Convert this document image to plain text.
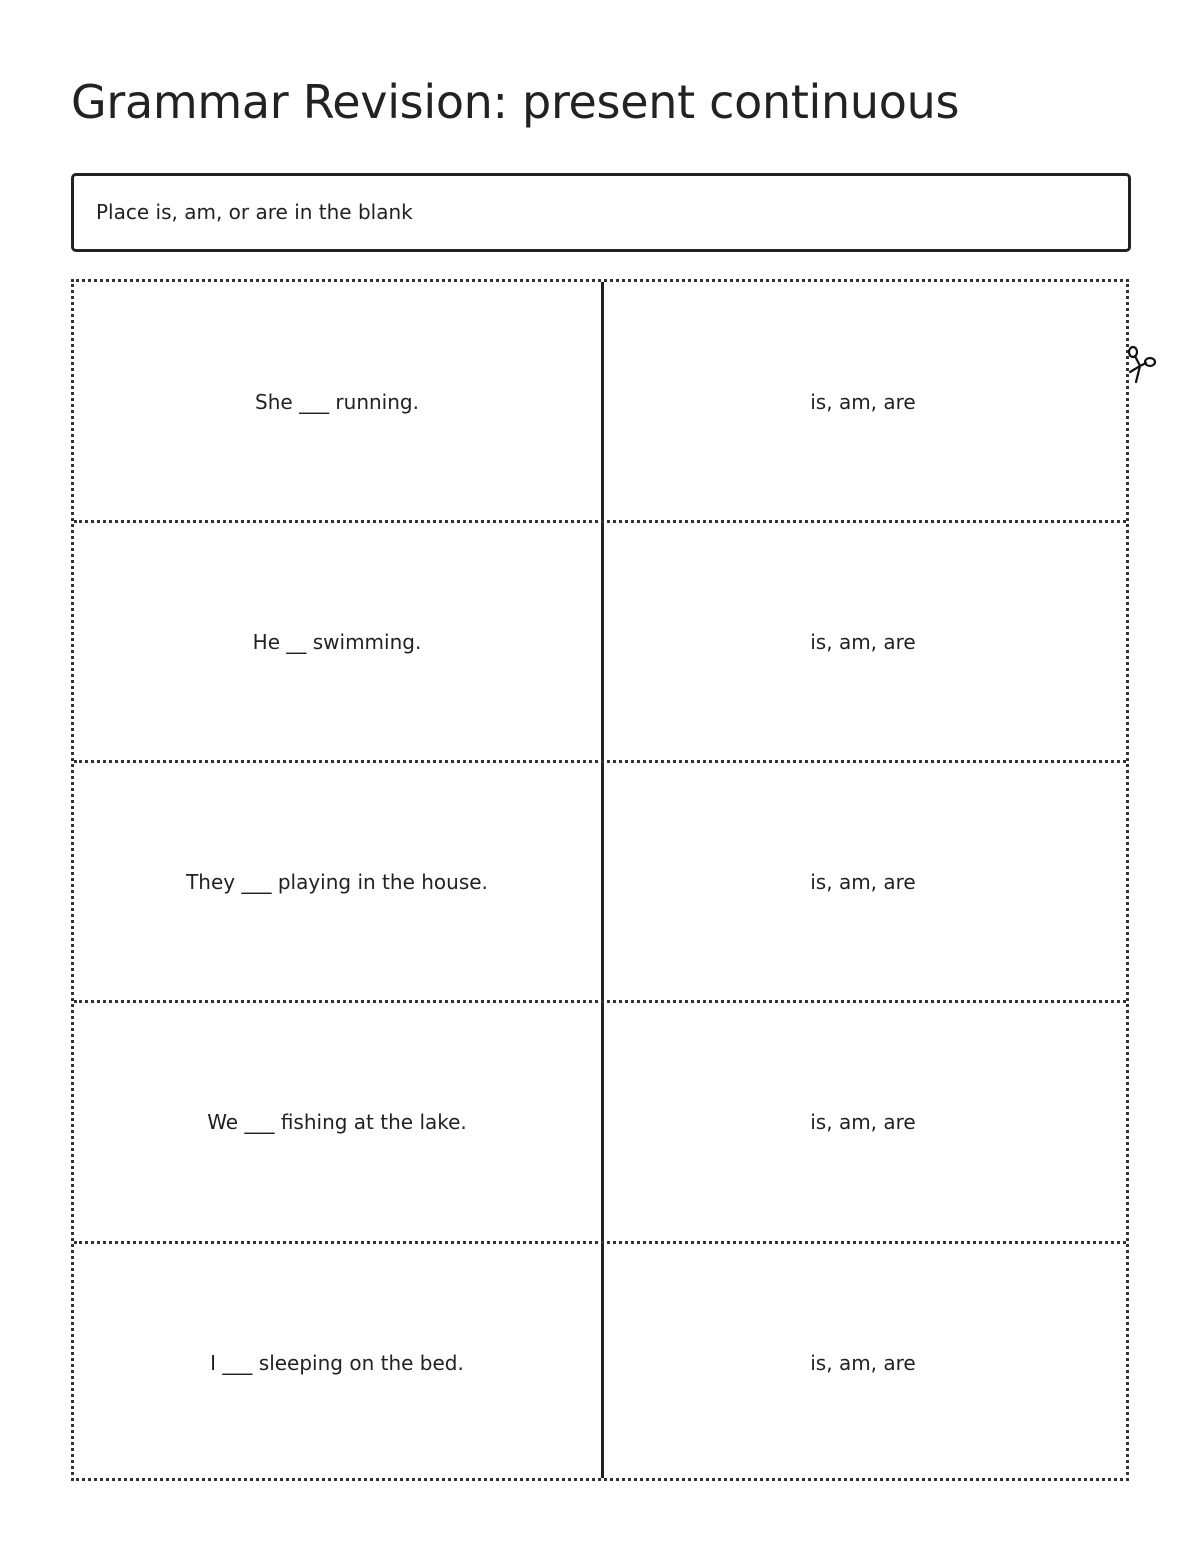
Grammar Revision: present continuous
Place is, am, or are in the blank
She ___ running.	is, am, are
He __ swimming.	is, am, are
They ___ playing in the house.	is, am, are
We ___ fishing at the lake.	is, am, are
I ___ sleeping on the bed.	is, am, are
